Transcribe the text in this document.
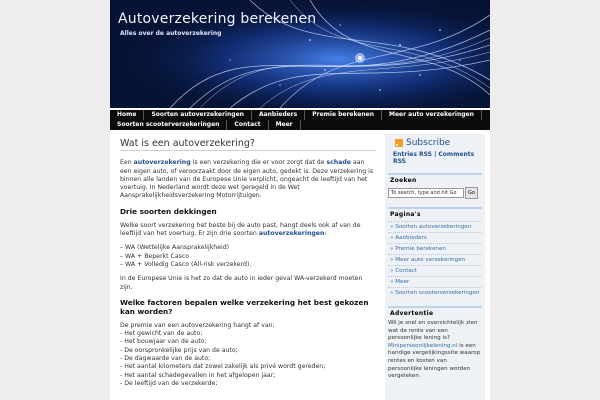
Autoverzekering berekenen
Alles over de autoverzekering
Home	Soorten autoverzekeringen	Aanbieders	Premie berekenen	Meer auto verzekeringen
Soorten scooterverzekeringen	Contact	Meer
Wat is een autoverzekering?

Een autoverzekering is een verzekering die er voor zorgt dat de schade aan een eigen auto, of veroorzaakt door de eigen auto, gedekt is. Deze verzekering is binnen alle landen van de Europese Unie verplicht, ongeacht de leeftijd van het voertuig. In Nederland wordt deze wet geregeld in de Wet Aansprakelijkheidsverzekering Motorrijtuigen.

Drie soorten dekkingen

Welke soort verzekering het beste bij de auto past, hangt deels ook af van de leeftijd van het voertuig. Er zijn drie soorten autoverzekeringen:

– WA (Wettelijke Aansprakelijkheid)
– WA + Beperkt Casco
– WA + Volledig Casco (All-risk verzekerd).

In de Europese Unie is het zo dat de auto in ieder geval WA-verzekerd moeten zijn.

Welke factoren bepalen welke verzekering het best gekozen kan worden?

De premie van een autoverzekering hangt af van;

- Het gewicht van de auto;
- Het bouwjaar van de auto;
- De oorspronkelijke prijs van de auto;
- De dagwaarde van de auto;
- Het aantal kilometers dat zowel zakelijk als privé wordt gereden;
- Het aantal schadegevallen in het afgelopen jaar;
- De leeftijd van de verzekerde;
Subscribe
Entries RSS | Comments RSS
Zoeken
To search, type and hit Go	Go
Pagina's
» Soorten autoverzekeringen
» Aanbieders
» Premie berekenen
» Meer auto verzekeringen
» Contact
» Meer
» Soorten scooterverzekeringen
Advertentie
Wil je snel en overzichtelijk zien wat de rente van een persoonlijke lening is? Minipersoonlijkelening.nl is een handige vergelijkingssite waarop rentes en kosten van persoonlijke leningen worden vergeleken.
